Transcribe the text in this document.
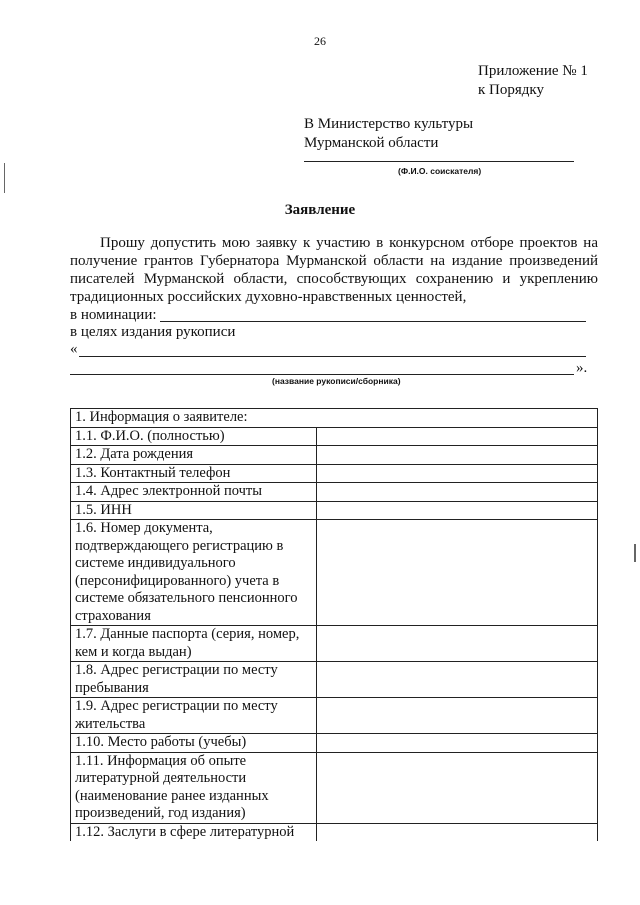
26
Приложение № 1
к Порядку
В Министерство культуры
Мурманской области
(Ф.И.О. соискателя)
Заявление
Прошу допустить мою заявку к участию в конкурсном отборе проектов на получение грантов Губернатора Мурманской области на издание произведений писателей Мурманской области, способствующих сохранению и укреплению традиционных российских духовно-нравственных ценностей,
в номинации:
в целях издания рукописи
«
».
(название рукописи/сборника)
1. Информация о заявителе:	
1.1. Ф.И.О. (полностью)	
1.2. Дата рождения	
1.3. Контактный телефон	
1.4. Адрес электронной почты	
1.5. ИНН	
1.6. Номер документа, подтверждающего регистрацию в системе индивидуального (персонифицированного) учета в системе обязательного пенсионного страхования	
1.7. Данные паспорта (серия, номер, кем и когда выдан)	
1.8. Адрес регистрации по месту пребывания	
1.9. Адрес регистрации по месту жительства	
1.10. Место работы (учебы)	
1.11. Информация об опыте литературной деятельности (наименование ранее изданных произведений, год издания)	
1.12. Заслуги в сфере литературной	
